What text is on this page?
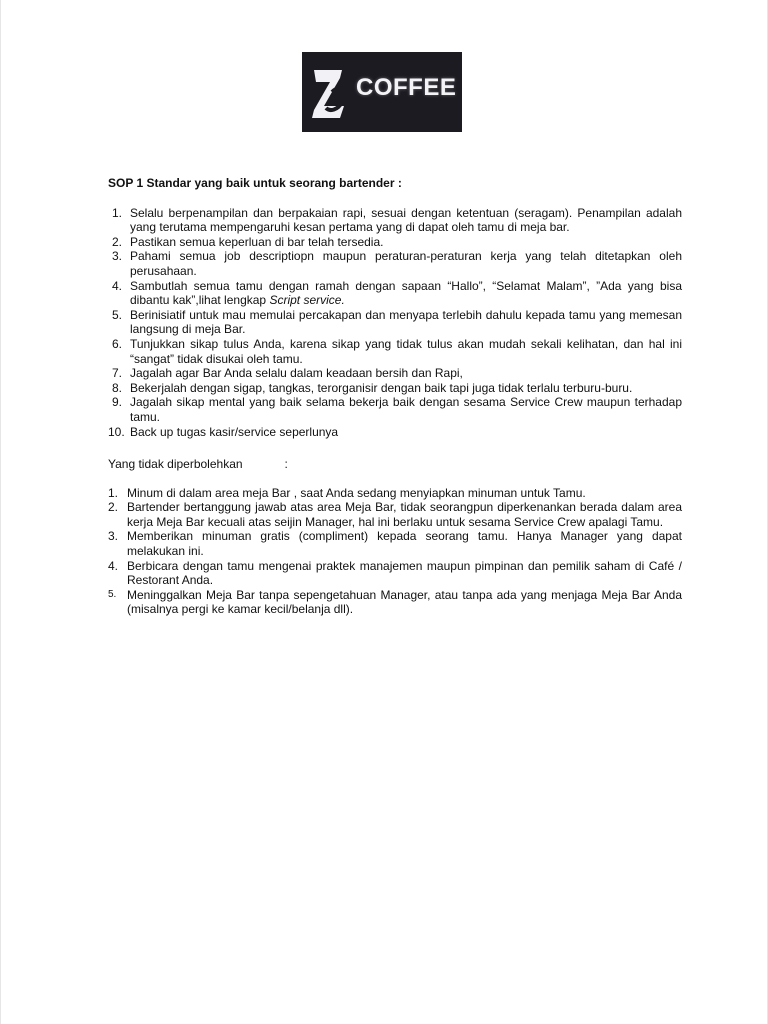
COFFEE
SOP 1 Standar yang baik untuk seorang bartender :
1. Selalu berpenampilan dan berpakaian rapi, sesuai dengan ketentuan (seragam). Penampilan adalah yang terutama mempengaruhi kesan pertama yang di dapat oleh tamu di meja bar.
2. Pastikan semua keperluan di bar telah tersedia.
3. Pahami semua job descriptiopn maupun peraturan-peraturan kerja yang telah ditetapkan oleh perusahaan.
4. Sambutlah semua tamu dengan ramah dengan sapaan “Hallo”, “Selamat Malam”, ”Ada yang bisa dibantu kak”,lihat lengkap Script service.
5. Berinisiatif untuk mau memulai percakapan dan menyapa terlebih dahulu kepada tamu yang memesan langsung di meja Bar.
6. Tunjukkan sikap tulus Anda, karena sikap yang tidak tulus akan mudah sekali kelihatan, dan hal ini “sangat” tidak disukai oleh tamu.
7. Jagalah agar Bar Anda selalu dalam keadaan bersih dan Rapi,
8. Bekerjalah dengan sigap, tangkas, terorganisir dengan baik tapi juga tidak terlalu terburu-buru.
9. Jagalah sikap mental yang baik selama bekerja baik dengan sesama Service Crew maupun terhadap tamu.
10. Back up tugas kasir/service seperlunya
Yang tidak diperbolehkan	:
1. Minum di dalam area meja Bar , saat Anda sedang menyiapkan minuman untuk Tamu.
2. Bartender bertanggung jawab atas area Meja Bar, tidak seorangpun diperkenankan berada dalam area kerja Meja Bar kecuali atas seijin Manager, hal ini berlaku untuk sesama Service Crew apalagi Tamu.
3. Memberikan minuman gratis (compliment) kepada seorang tamu. Hanya Manager yang dapat melakukan ini.
4. Berbicara dengan tamu mengenai praktek manajemen maupun pimpinan dan pemilik saham di Café / Restorant Anda.
5. Meninggalkan Meja Bar tanpa sepengetahuan Manager, atau tanpa ada yang menjaga Meja Bar Anda (misalnya pergi ke kamar kecil/belanja dll).
